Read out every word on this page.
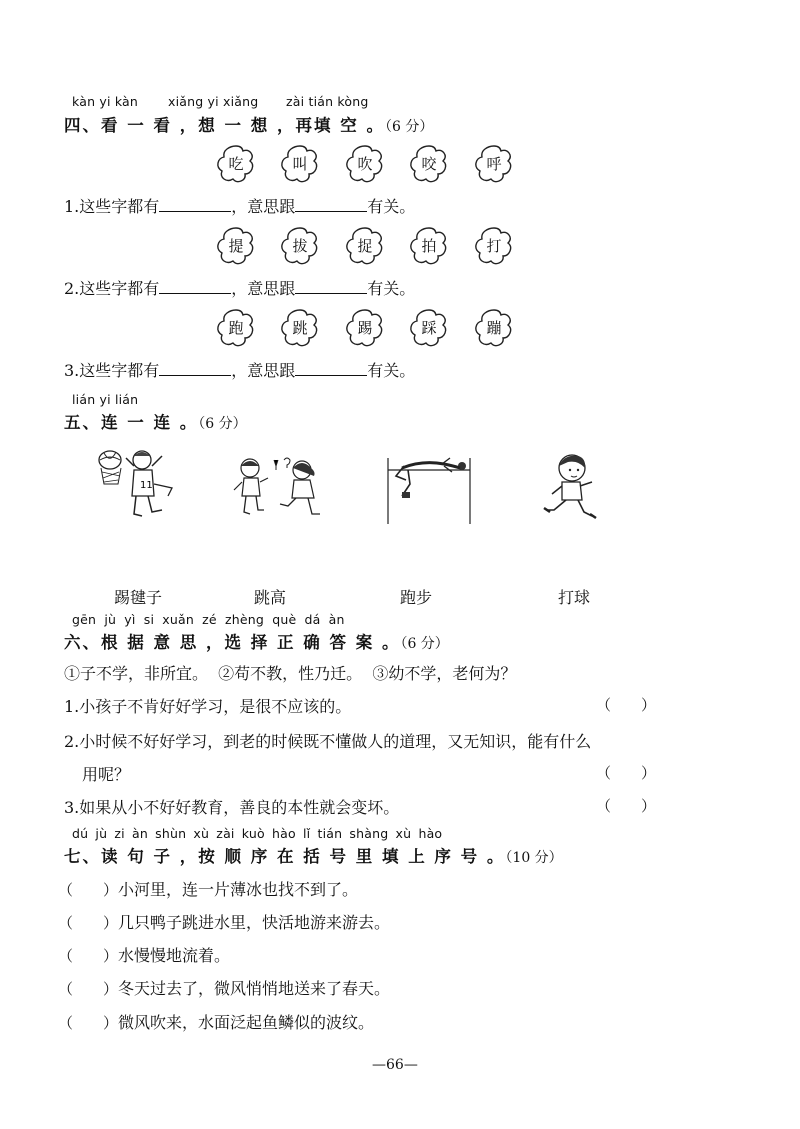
kàn yi kàn xiǎng yi xiǎng zài tián kòng
四、看 一 看 ，想 一 想 ，再填 空 。（6 分）
吃	叫	吹	咬	呼
1.这些字都有	，意思跟	有关。
提	拔	捉	拍	打
2.这些字都有	，意思跟	有关。
跑	跳	踢	踩	蹦
3.这些字都有	，意思跟	有关。
lián yi lián
五、连 一 连 。（6 分）
11
踢毽子	跳高	跑步	打球
gēn jù yì si xuǎn zé zhèng què dá àn
六、根 据 意 思 ，选 择 正 确 答 案 。（6 分）
①子不学，非所宜。  ②苟不教，性乃迁。  ③幼不学，老何为？
1.小孩子不肯好好学习，是很不应该的。	（　　）
2.小时候不好好学习，到老的时候既不懂做人的道理，又无知识，能有什么
用呢？	（　　）
3.如果从小不好好教育，善良的本性就会变坏。	（　　）
dú jù zi àn shùn xù zài kuò hào lǐ tián shàng xù hào
七、读 句 子 ，按 顺 序 在 括 号 里 填 上 序 号 。（10 分）
（　　）小河里，连一片薄冰也找不到了。
（　　）几只鸭子跳进水里，快活地游来游去。
（　　）水慢慢地流着。
（　　）冬天过去了，微风悄悄地送来了春天。
（　　）微风吹来，水面泛起鱼鳞似的波纹。
—66—
